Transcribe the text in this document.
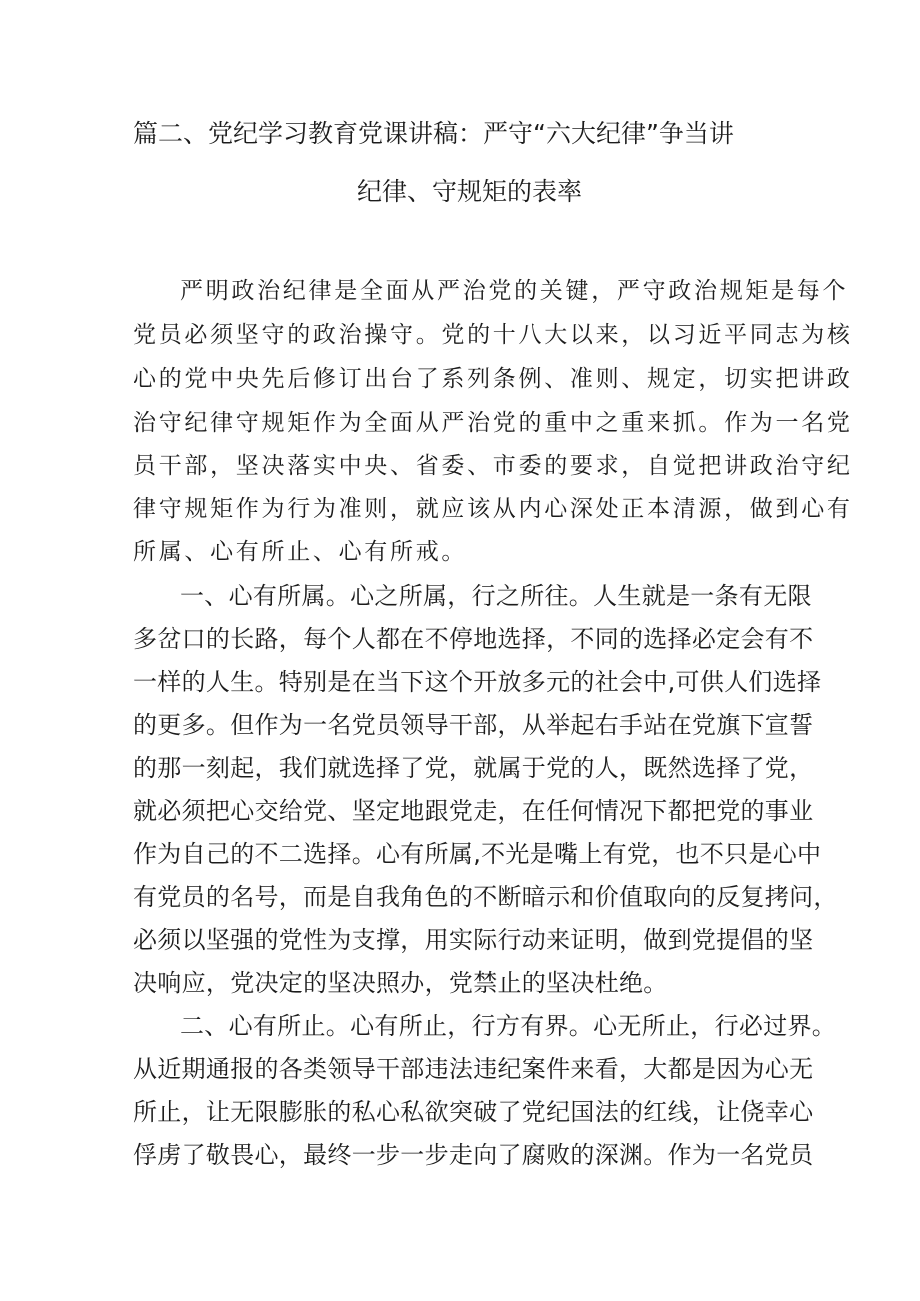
篇二、党纪学习教育党课讲稿：严守“六大纪律”争当讲
纪律、守规矩的表率
严明政治纪律是全面从严治党的关键，严守政治规矩是每个
党员必须坚守的政治操守。党的十八大以来，以习近平同志为核
心的党中央先后修订出台了系列条例、准则、规定，切实把讲政
治守纪律守规矩作为全面从严治党的重中之重来抓。作为一名党
员干部，坚决落实中央、省委、市委的要求，自觉把讲政治守纪
律守规矩作为行为准则，就应该从内心深处正本清源，做到心有
所属、心有所止、心有所戒。
一、心有所属。心之所属，行之所往。人生就是一条有无限
多岔口的长路，每个人都在不停地选择，不同的选择必定会有不
一样的人生。特别是在当下这个开放多元的社会中,可供人们选择
的更多。但作为一名党员领导干部，从举起右手站在党旗下宣誓
的那一刻起，我们就选择了党，就属于党的人，既然选择了党，
就必须把心交给党、坚定地跟党走，在任何情况下都把党的事业
作为自己的不二选择。心有所属,不光是嘴上有党，也不只是心中
有党员的名号，而是自我角色的不断暗示和价值取向的反复拷问，
必须以坚强的党性为支撑，用实际行动来证明，做到党提倡的坚
决响应，党决定的坚决照办，党禁止的坚决杜绝。
二、心有所止。心有所止，行方有界。心无所止，行必过界。
从近期通报的各类领导干部违法违纪案件来看，大都是因为心无
所止，让无限膨胀的私心私欲突破了党纪国法的红线，让侥幸心
俘虏了敬畏心，最终一步一步走向了腐败的深渊。作为一名党员
